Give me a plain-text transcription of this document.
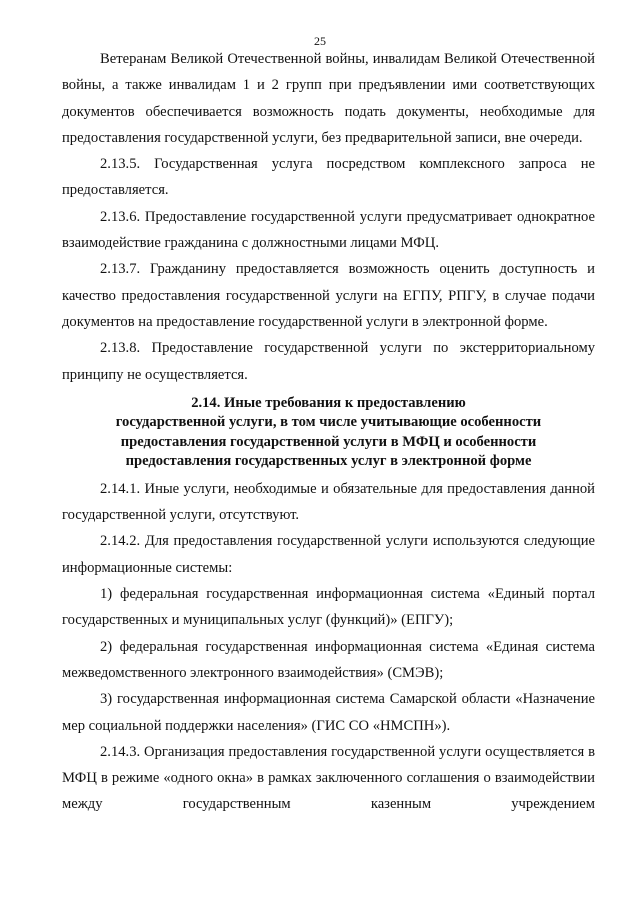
25

Ветеранам Великой Отечественной войны, инвалидам Великой Отечественной войны, а также инвалидам 1 и 2 групп при предъявлении ими соответствующих документов обеспечивается возможность подать документы, необходимые для предоставления государственной услуги, без предварительной записи, вне очереди.

2.13.5. Государственная услуга посредством комплексного запроса не предоставляется.

2.13.6. Предоставление государственной услуги предусматривает однократное взаимодействие гражданина с должностными лицами МФЦ.

2.13.7. Гражданину предоставляется возможность оценить доступность и качество предоставления государственной услуги на ЕГПУ, РПГУ, в случае подачи документов на предоставление государственной услуги в электронной форме.

2.13.8. Предоставление государственной услуги по экстерриториальному принципу не осуществляется.

2.14. Иные требования к предоставлению
государственной услуги, в том числе учитывающие особенности
предоставления государственной услуги в МФЦ и особенности
предоставления государственных услуг в электронной форме

2.14.1. Иные услуги, необходимые и обязательные для предоставления данной государственной услуги, отсутствуют.

2.14.2. Для предоставления государственной услуги используются следующие информационные системы:

1) федеральная государственная информационная система «Единый портал государственных и муниципальных услуг (функций)» (ЕПГУ);

2) федеральная государственная информационная система «Единая система межведомственного электронного взаимодействия» (СМЭВ);

3) государственная информационная система Самарской области «Назначение мер социальной поддержки населения» (ГИС СО «НМСПН»).

2.14.3. Организация предоставления государственной услуги осуществляется в МФЦ в режиме «одного окна» в рамках заключенного соглашения о взаимодействии между государственным казенным учреждением
